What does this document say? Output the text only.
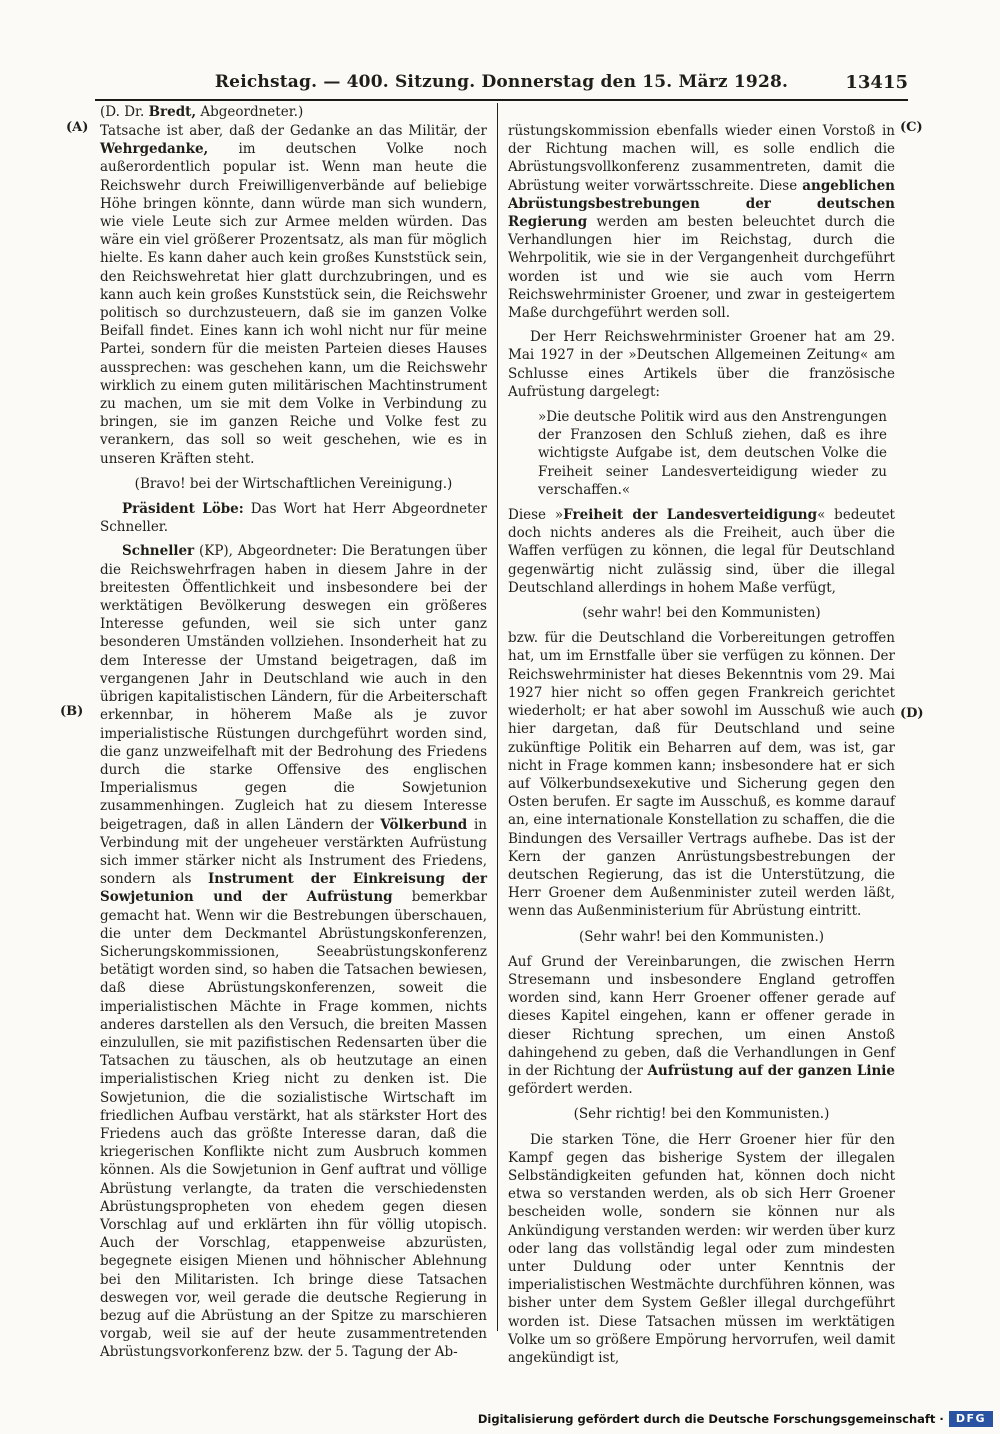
Reichstag. — 400. Sitzung. Donnerstag den 15. März 1928.	13415
(D. Dr. Bredt, Abgeordneter.)

Tatsache ist aber, daß der Gedanke an das Militär, der Wehrgedanke, im deutschen Volke noch außerordentlich popular ist. Wenn man heute die Reichswehr durch Freiwilligenverbände auf beliebige Höhe bringen könnte, dann würde man sich wundern, wie viele Leute sich zur Armee melden würden. Das wäre ein viel größerer Prozentsatz, als man für möglich hielte. Es kann daher auch kein großes Kunststück sein, den Reichswehretat hier glatt durchzubringen, und es kann auch kein großes Kunststück sein, die Reichswehr politisch so durchzusteuern, daß sie im ganzen Volke Beifall findet. Eines kann ich wohl nicht nur für meine Partei, sondern für die meisten Parteien dieses Hauses aussprechen: was geschehen kann, um die Reichswehr wirklich zu einem guten militärischen Machtinstrument zu machen, um sie mit dem Volke in Verbindung zu bringen, sie im ganzen Reiche und Volke fest zu verankern, das soll so weit geschehen, wie es in unseren Kräften steht.

(Bravo! bei der Wirtschaftlichen Vereinigung.)

Präsident Löbe: Das Wort hat Herr Abgeordneter Schneller.

Schneller (KP), Abgeordneter: Die Beratungen über die Reichswehrfragen haben in diesem Jahre in der breitesten Öffentlichkeit und insbesondere bei der werktätigen Bevölkerung deswegen ein größeres Interesse gefunden, weil sie sich unter ganz besonderen Umständen vollziehen. Insonderheit hat zu dem Interesse der Umstand beigetragen, daß im vergangenen Jahr in Deutschland wie auch in den übrigen kapitalistischen Ländern, für die Arbeiterschaft erkennbar, in höherem Maße als je zuvor imperialistische Rüstungen durchgeführt worden sind, die ganz unzweifelhaft mit der Bedrohung des Friedens durch die starke Offensive des englischen Imperialismus gegen die Sowjetunion zusammenhingen. Zugleich hat zu diesem Interesse beigetragen, daß in allen Ländern der Völkerbund in Verbindung mit der ungeheuer verstärkten Aufrüstung sich immer stärker nicht als Instrument des Friedens, sondern als Instrument der Einkreisung der Sowjetunion und der Aufrüstung bemerkbar gemacht hat. Wenn wir die Bestrebungen überschauen, die unter dem Deckmantel Abrüstungskonferenzen, Sicherungskommissionen, Seeabrüstungskonferenz betätigt worden sind, so haben die Tatsachen bewiesen, daß diese Abrüstungskonferenzen, soweit die imperialistischen Mächte in Frage kommen, nichts anderes darstellen als den Versuch, die breiten Massen einzulullen, sie mit pazifistischen Redensarten über die Tatsachen zu täuschen, als ob heutzutage an einen imperialistischen Krieg nicht zu denken ist. Die Sowjetunion, die die sozialistische Wirtschaft im friedlichen Aufbau verstärkt, hat als stärkster Hort des Friedens auch das größte Interesse daran, daß die kriegerischen Konflikte nicht zum Ausbruch kommen können. Als die Sowjetunion in Genf auftrat und völlige Abrüstung verlangte, da traten die verschiedensten Abrüstungspropheten von ehedem gegen diesen Vorschlag auf und erklärten ihn für völlig utopisch. Auch der Vorschlag, etappenweise abzurüsten, begegnete eisigen Mienen und höhnischer Ablehnung bei den Militaristen. Ich bringe diese Tatsachen deswegen vor, weil gerade die deutsche Regierung in bezug auf die Abrüstung an der Spitze zu marschieren vorgab, weil sie auf der heute zusammentretenden Abrüstungsvorkonferenz bzw. der 5. Tagung der Ab-

rüstungskommission ebenfalls wieder einen Vorstoß in der Richtung machen will, es solle endlich die Abrüstungsvollkonferenz zusammentreten, damit die Abrüstung weiter vorwärtsschreite. Diese angeblichen Abrüstungsbestrebungen der deutschen Regierung werden am besten beleuchtet durch die Verhandlungen hier im Reichstag, durch die Wehrpolitik, wie sie in der Vergangenheit durchgeführt worden ist und wie sie auch vom Herrn Reichswehrminister Groener, und zwar in gesteigertem Maße durchgeführt werden soll.

Der Herr Reichswehrminister Groener hat am 29. Mai 1927 in der »Deutschen Allgemeinen Zeitung« am Schlusse eines Artikels über die französische Aufrüstung dargelegt:

»Die deutsche Politik wird aus den Anstrengungen der Franzosen den Schluß ziehen, daß es ihre wichtigste Aufgabe ist, dem deutschen Volke die Freiheit seiner Landesverteidigung wieder zu verschaffen.«

Diese »Freiheit der Landesverteidigung« bedeutet doch nichts anderes als die Freiheit, auch über die Waffen verfügen zu können, die legal für Deutschland gegenwärtig nicht zulässig sind, über die illegal Deutschland allerdings in hohem Maße verfügt,

(sehr wahr! bei den Kommunisten)

bzw. für die Deutschland die Vorbereitungen getroffen hat, um im Ernstfalle über sie verfügen zu können. Der Reichswehrminister hat dieses Bekenntnis vom 29. Mai 1927 hier nicht so offen gegen Frankreich gerichtet wiederholt; er hat aber sowohl im Ausschuß wie auch hier dargetan, daß für Deutschland und seine zukünftige Politik ein Beharren auf dem, was ist, gar nicht in Frage kommen kann; insbesondere hat er sich auf Völkerbundsexekutive und Sicherung gegen den Osten berufen. Er sagte im Ausschuß, es komme darauf an, eine internationale Konstellation zu schaffen, die die Bindungen des Versailler Vertrags aufhebe. Das ist der Kern der ganzen Anrüstungsbestrebungen der deutschen Regierung, das ist die Unterstützung, die Herr Groener dem Außenminister zuteil werden läßt, wenn das Außenministerium für Abrüstung eintritt.

(Sehr wahr! bei den Kommunisten.)

Auf Grund der Vereinbarungen, die zwischen Herrn Stresemann und insbesondere England getroffen worden sind, kann Herr Groener offener gerade auf dieses Kapitel eingehen, kann er offener gerade in dieser Richtung sprechen, um einen Anstoß dahingehend zu geben, daß die Verhandlungen in Genf in der Richtung der Aufrüstung auf der ganzen Linie gefördert werden.

(Sehr richtig! bei den Kommunisten.)

Die starken Töne, die Herr Groener hier für den Kampf gegen das bisherige System der illegalen Selbständigkeiten gefunden hat, können doch nicht etwa so verstanden werden, als ob sich Herr Groener bescheiden wolle, sondern sie können nur als Ankündigung verstanden werden: wir werden über kurz oder lang das vollständig legal oder zum mindesten unter Duldung oder unter Kenntnis der imperialistischen Westmächte durchführen können, was bisher unter dem System Geßler illegal durchgeführt worden ist. Diese Tatsachen müssen im werktätigen Volke um so größere Empörung hervorrufen, weil damit angekündigt ist,

(A)
(B)
(C)
(D)
Digitalisierung gefördert durch die Deutsche Forschungsgemeinschaft ·	DFG
